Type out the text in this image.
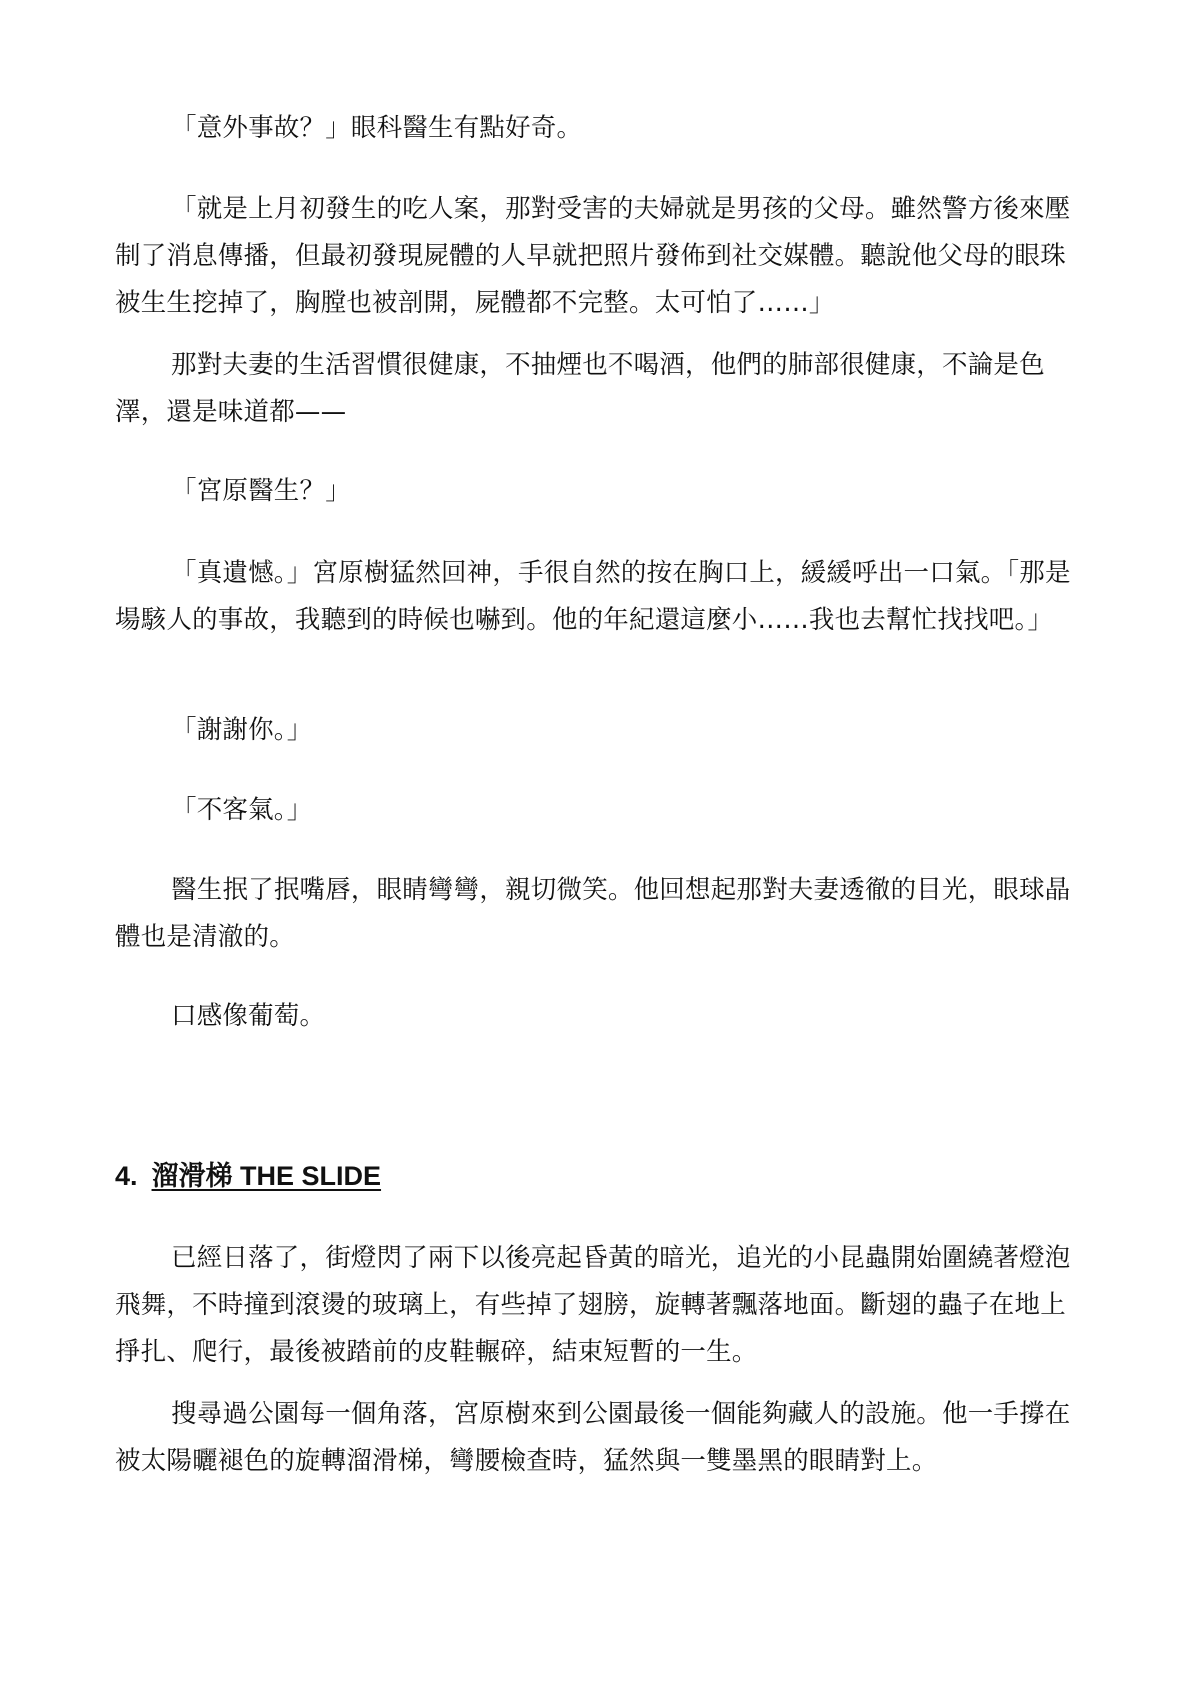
「意外事故？」眼科醫生有點好奇。

「就是上月初發生的吃人案，那對受害的夫婦就是男孩的父母。雖然警方後來壓制了消息傳播，但最初發現屍體的人早就把照片發佈到社交媒體。聽說他父母的眼珠被生生挖掉了，胸膛也被剖開，屍體都不完整。太可怕了……」

那對夫妻的生活習慣很健康，不抽煙也不喝酒，他們的肺部很健康，不論是色澤，還是味道都——

「宮原醫生？」

「真遺憾。」宮原樹猛然回神，手很自然的按在胸口上，緩緩呼出一口氣。「那是場駭人的事故，我聽到的時候也嚇到。他的年紀還這麼小……我也去幫忙找找吧。」

「謝謝你。」

「不客氣。」

醫生抿了抿嘴唇，眼睛彎彎，親切微笑。他回想起那對夫妻透徹的目光，眼球晶體也是清澈的。

口感像葡萄。

4. 溜滑梯 THE SLIDE

已經日落了，街燈閃了兩下以後亮起昏黃的暗光，追光的小昆蟲開始圍繞著燈泡飛舞，不時撞到滾燙的玻璃上，有些掉了翅膀，旋轉著飄落地面。斷翅的蟲子在地上掙扎、爬行，最後被踏前的皮鞋輾碎，結束短暫的一生。

搜尋過公園每一個角落，宮原樹來到公園最後一個能夠藏人的設施。他一手撐在被太陽曬褪色的旋轉溜滑梯，彎腰檢查時，猛然與一雙墨黑的眼睛對上。
